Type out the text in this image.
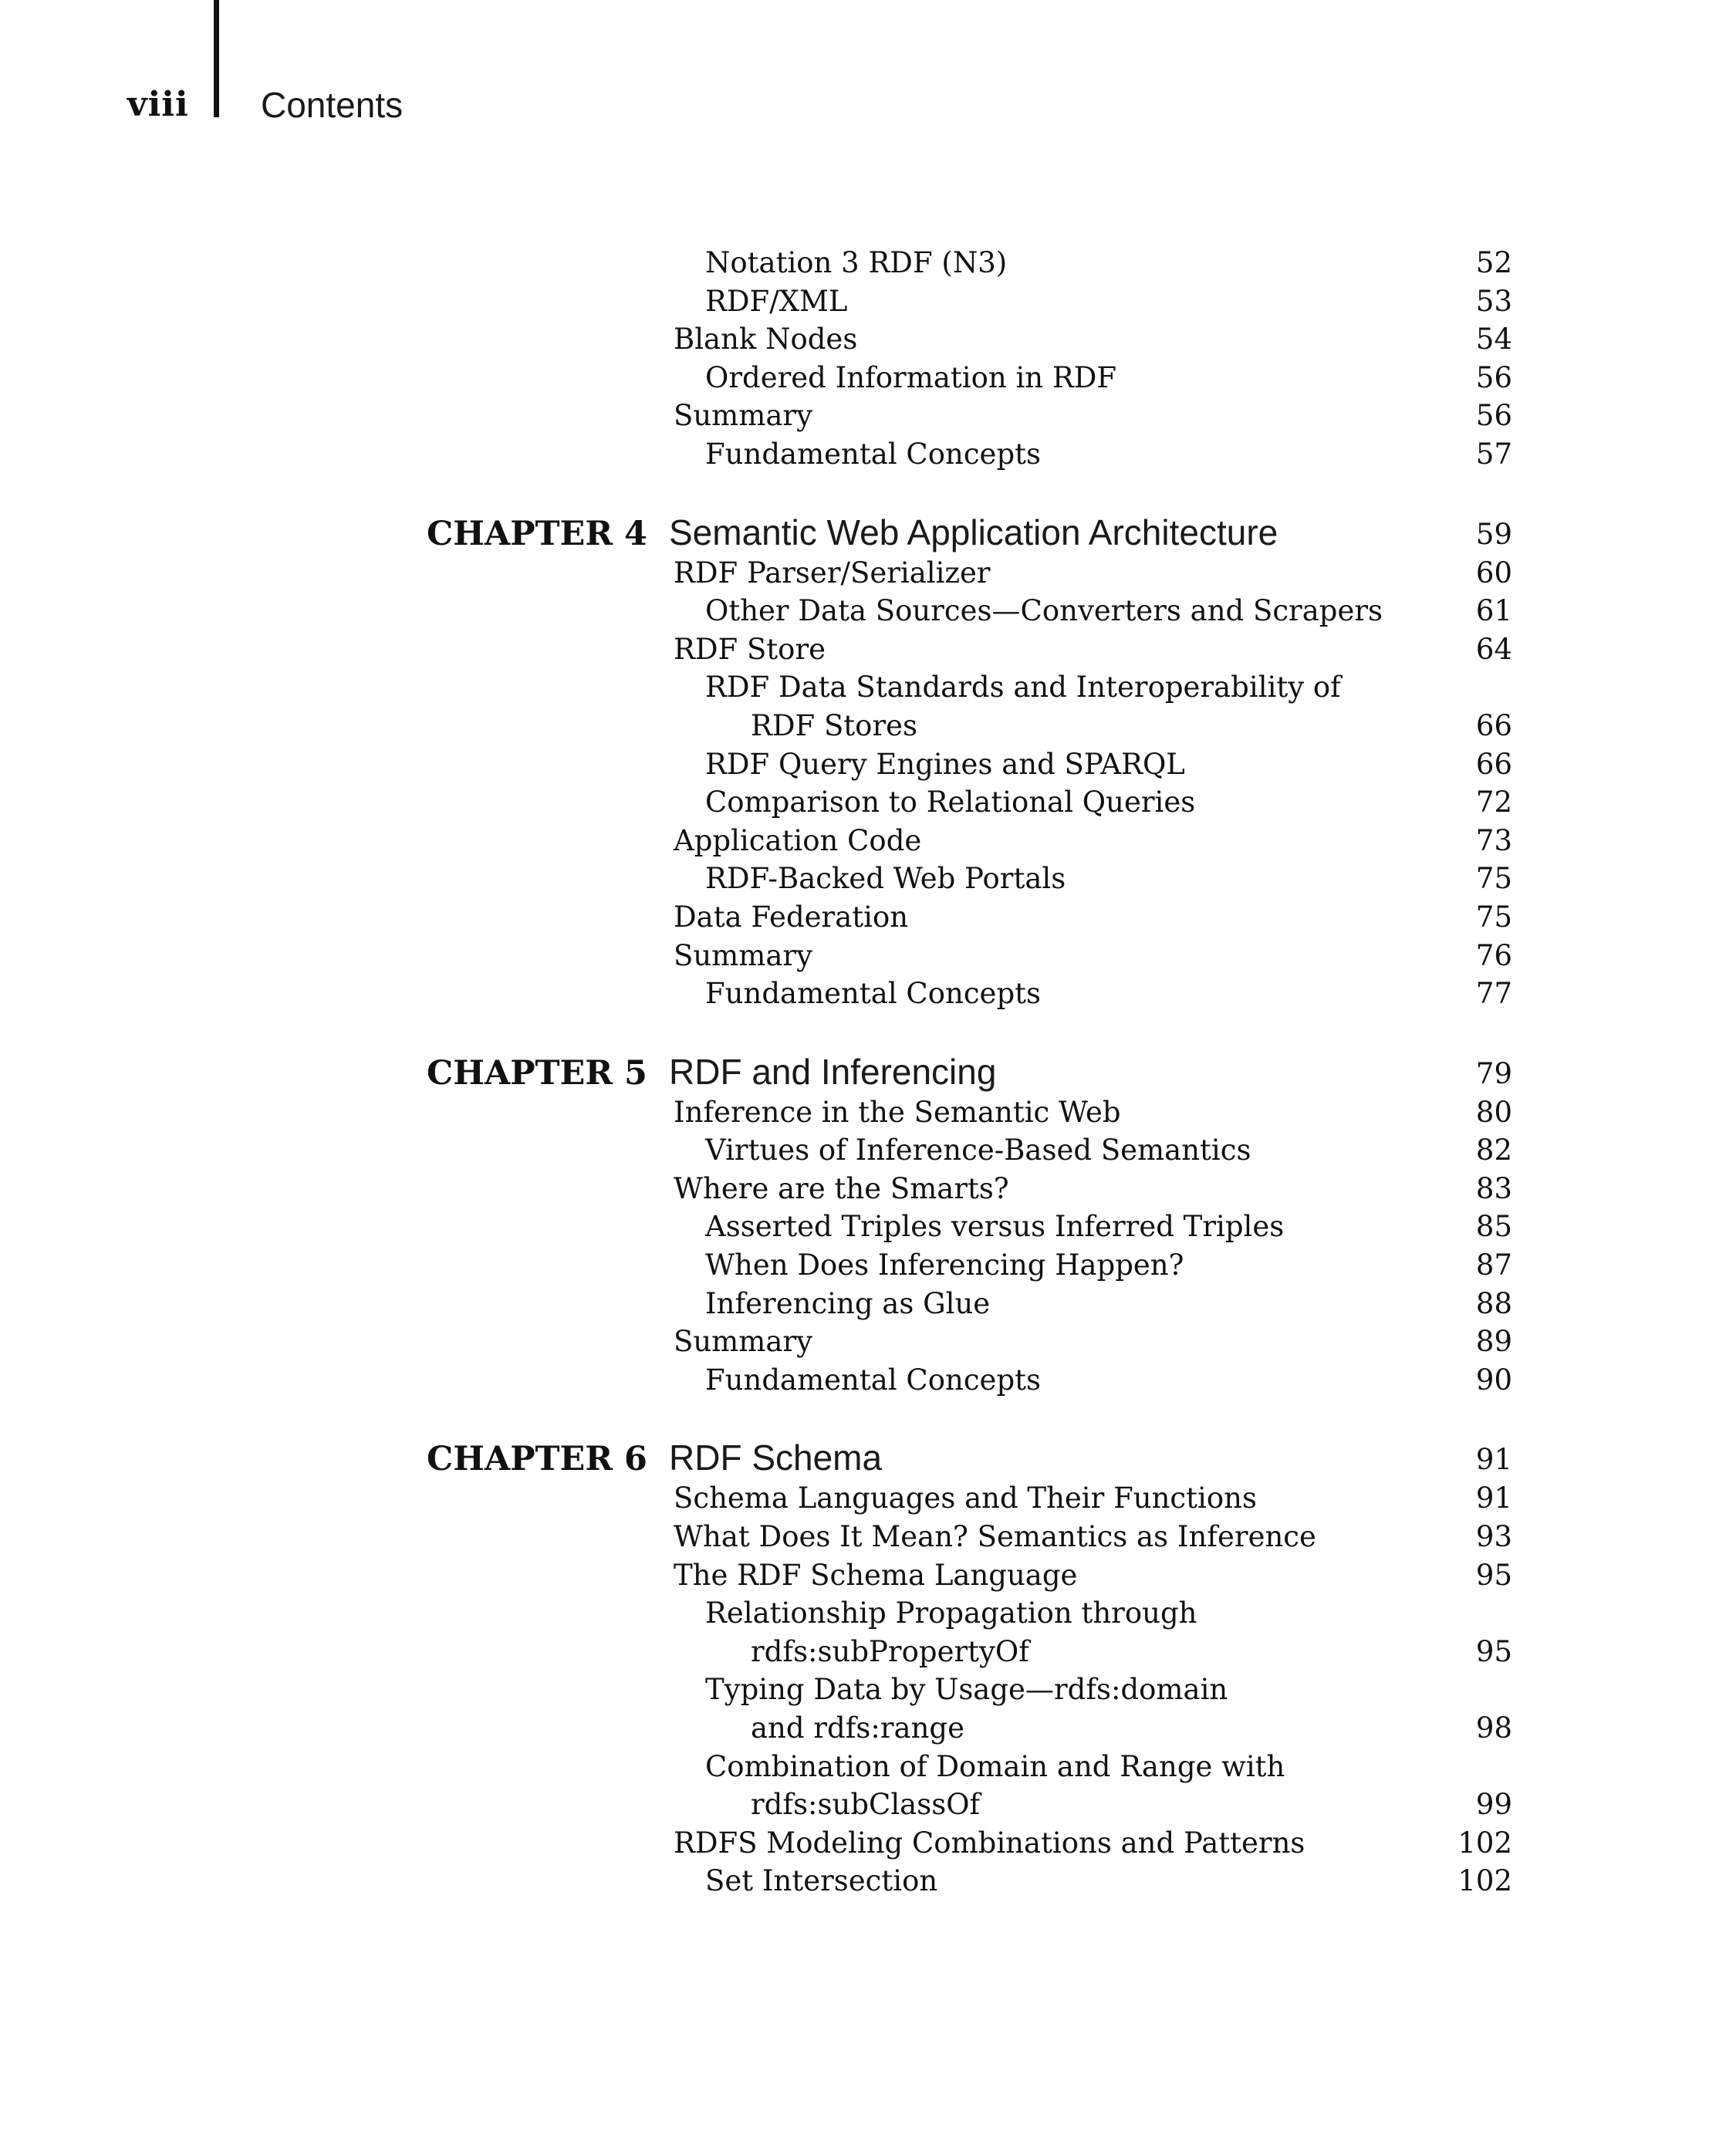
viii Contents
Notation 3 RDF (N3)	52
RDF/XML	53
Blank Nodes	54
Ordered Information in RDF	56
Summary	56
Fundamental Concepts	57
CHAPTER 4 Semantic Web Application Architecture	59
RDF Parser/Serializer	60
Other Data Sources—Converters and Scrapers	61
RDF Store	64
RDF Data Standards and Interoperability of
RDF Stores	66
RDF Query Engines and SPARQL	66
Comparison to Relational Queries	72
Application Code	73
RDF-Backed Web Portals	75
Data Federation	75
Summary	76
Fundamental Concepts	77
CHAPTER 5 RDF and Inferencing	79
Inference in the Semantic Web	80
Virtues of Inference-Based Semantics	82
Where are the Smarts?	83
Asserted Triples versus Inferred Triples	85
When Does Inferencing Happen?	87
Inferencing as Glue	88
Summary	89
Fundamental Concepts	90
CHAPTER 6 RDF Schema	91
Schema Languages and Their Functions	91
What Does It Mean? Semantics as Inference	93
The RDF Schema Language	95
Relationship Propagation through
rdfs:subPropertyOf	95
Typing Data by Usage—rdfs:domain
and rdfs:range	98
Combination of Domain and Range with
rdfs:subClassOf	99
RDFS Modeling Combinations and Patterns	102
Set Intersection	102
